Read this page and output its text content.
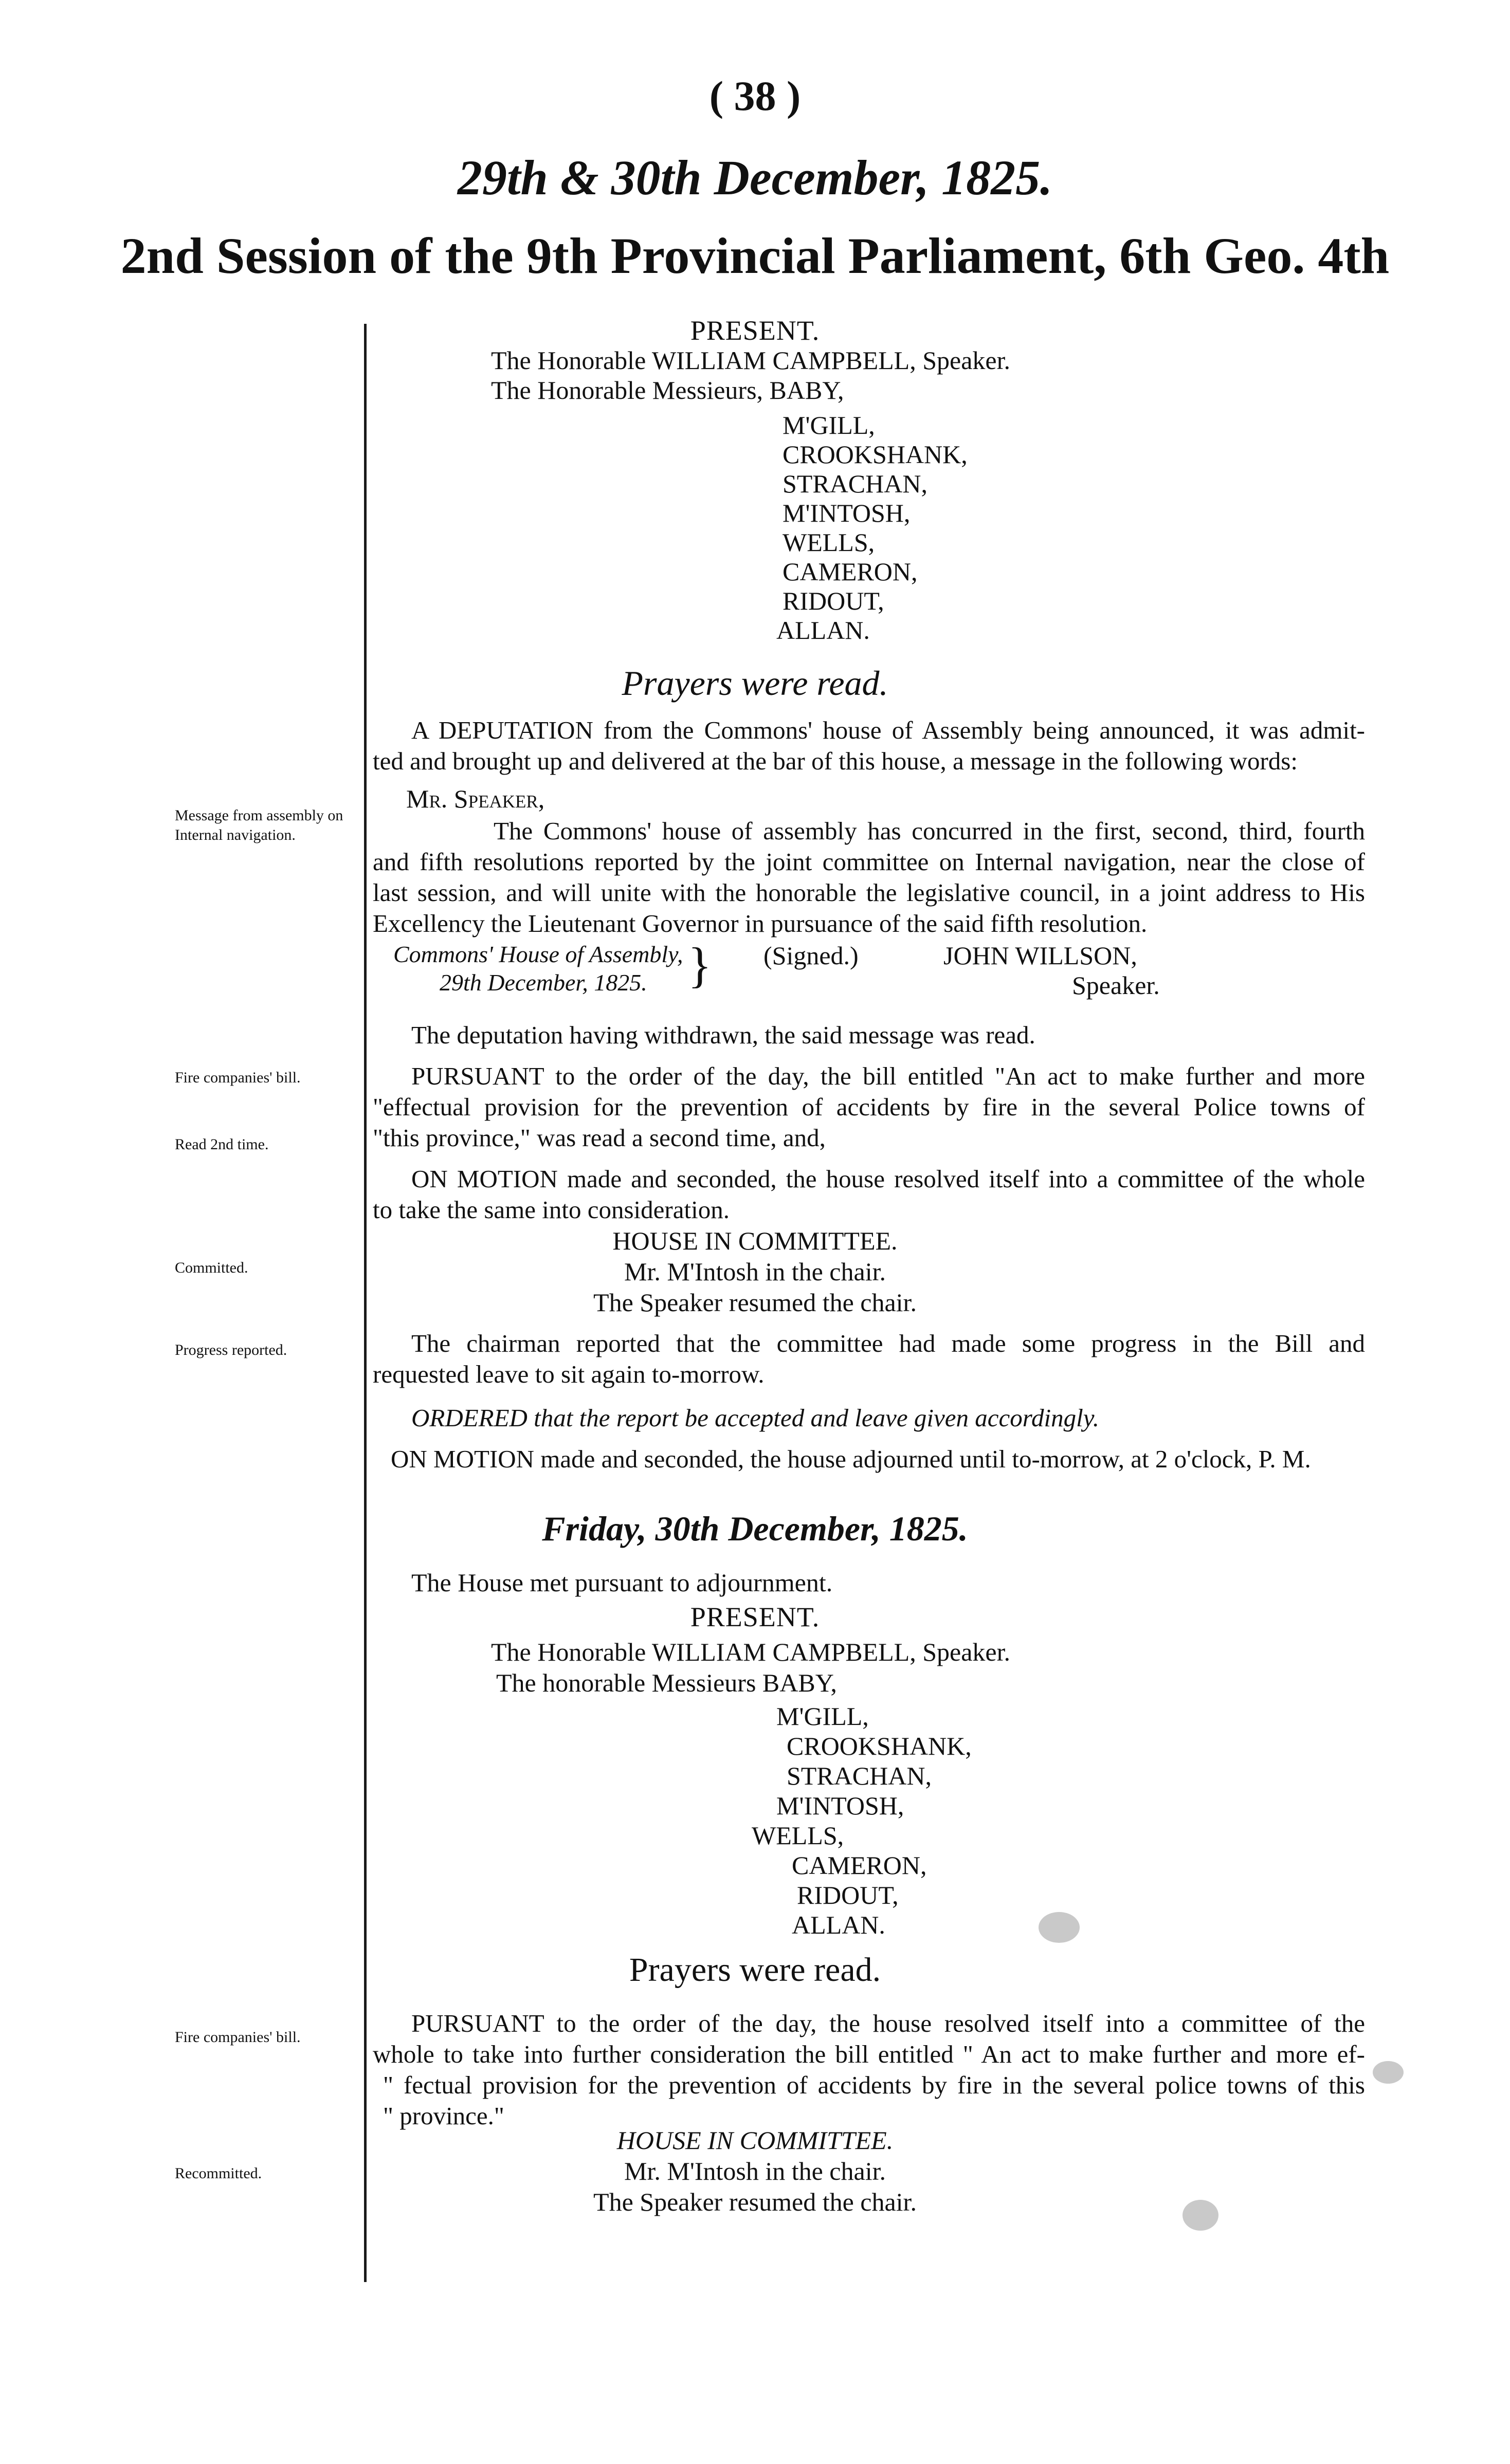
( 38 )

29th & 30th December, 1825.

2nd Session of the 9th Provincial Parliament, 6th Geo. 4th

PRESENT.

The Honorable WILLIAM CAMPBELL, Speaker.

The Honorable Messieurs, BABY,

M'GILL,

CROOKSHANK,

STRACHAN,

M'INTOSH,

WELLS,

CAMERON,

RIDOUT,

ALLAN.

Prayers were read.

A DEPUTATION from the Commons' house of Assembly being announced, it was admit-

ted and brought up and delivered at the bar of this house, a message in the following words:

Mr. Speaker,

Message from assembly on Internal navigation.	The Commons' house of assembly has concurred in the first, second, third, fourth

and fifth resolutions reported by the joint committee on Internal navigation, near the close of

last session, and will unite with the honorable the legislative council, in a joint address to His

Excellency the Lieutenant Governor in pursuance of the said fifth resolution.

Commons' House of Assembly,

29th December, 1825. } (Signed.)	JOHN WILLSON,

Speaker.

The deputation having withdrawn, the said message was read.

Fire companies' bill.

Read 2nd time.

PURSUANT to the order of the day, the bill entitled "An act to make further and more

"effectual provision for the prevention of accidents by fire in the several Police towns of

"this province," was read a second time, and,

ON MOTION made and seconded, the house resolved itself into a committee of the whole

to take the same into consideration.

Committed.

HOUSE IN COMMITTEE.

Mr. M'Intosh in the chair.

The Speaker resumed the chair.

Progress reported.	The chairman reported that the committee had made some progress in the Bill and

requested leave to sit again to-morrow.

ORDERED that the report be accepted and leave given accordingly.

ON MOTION made and seconded, the house adjourned until to-morrow, at 2 o'clock, P. M.

Friday, 30th December, 1825.

The House met pursuant to adjournment.

PRESENT.

The Honorable WILLIAM CAMPBELL, Speaker.

The honorable Messieurs BABY,

M'GILL,

CROOKSHANK,

STRACHAN,

M'INTOSH,

WELLS,

CAMERON,

RIDOUT,

ALLAN.

Prayers were read.

Fire companies' bill.	PURSUANT to the order of the day, the house resolved itself into a committee of the

whole to take into further consideration the bill entitled " An act to make further and more ef-

" fectual provision for the prevention of accidents by fire in the several police towns of this

" province."

Recommitted.

HOUSE IN COMMITTEE.

Mr. M'Intosh in the chair.

The Speaker resumed the chair.
